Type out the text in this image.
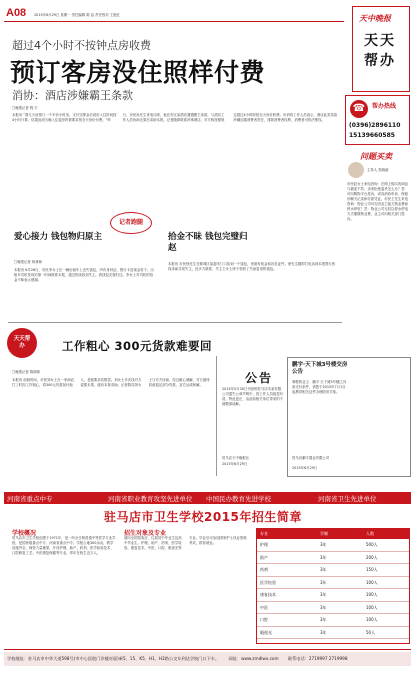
A08 2015年6月29日 星期一 责任编辑 陈 蕊 责任校对 王艳红	天中晚报
天天帮办
超过4个小时不按钟点房收费
预订客房没住照样付费
消协：酒店涉嫌霸王条款
□晚报记者 程 宇
本报讯 “我几天前预订一个平价小时房，支付完押金后说好入住时间按4小时计算，结果直到当晚入住退房时被要求按全天房价付费。”昨日，市民孙先生来电反映，他在市区某酒店遭遇霸王条款，与酒店工作人员协商无果后求助本报。记者随即联系涉事酒店，对方称按照规定超过4小时即按全天房价收费。市消协工作人员表示，酒店此类条款涉嫌加重消费者责任，排除消费者权利，消费者可依法维权。
☎	帮办热线
(0396)2896110
15139660585
问题买卖
主持人 张晓丽
市民赵女士来电咨询：在网上购买的商品与描述不符，卖家拒绝退货怎么办？答：可向购物平台投诉，或向消协申诉，保留好聊天记录和付款凭证。市民王先生来电咨询：物业公司可否因业主拖欠物业费而停水停电？答：物业公司无权以停水停电方式催缴物业费，业主可向相关部门投诉。
记者跑腿
爱心接力 钱包物归原主
□晚报记者 杨林林
本报讯 6月26日，市民李女士在一辆出租车上丢失钱包，内有身份证、银行卡及现金若干。出租车司机发现后第一时间联系本报，通过热线找到失主，将钱包完璧归还。李女士对司机的拾金不昧表示感谢。
拾金不昧 钱包完璧归赵
本报讯 市民徐先生在驿城区某超市门口捡到一个钱包，里面有现金和各类证件。徐先生随即打电话到本报帮办热线求助寻找失主，经多方联系，失主王女士终于领回了失而复得的钱包。
天天帮办	工作粗心 300元货款难要回
□晚报记者 陈刚林
本报讯 前段时间，市民刘女士在一家商店打工时因工作粗心，将300元货款误付他人，老板要求其赔偿。刘女士多次找对方索要未果，遂向本报求助。记者陪同刘女士与对方协商，经过耐心调解，对方最终同意退还部分货款，双方达成和解。	公告
2015年5月30日刊登的驻马店市某有限公司遗失公章声明中，因工作人员疏忽有误，特此更正，由此给相关单位带来的不便敬请谅解。
驻马店天中晚报社
2015年6月29日
鹏宇·天下城3号楼交房公告
尊敬的业主：鹏宇·天下城3号楼已具备交付条件，请您于2015年7月1日起携带相关证件办理收房手续。
驻马店鹏宇置业有限公司
2015年6月29日
河南省重点中专	河南省职业教育攻坚先进单位 中国民办教育先进学校	河南省卫生先进单位
驻马店市卫生学校2015年招生简章
学校概况
驻马店市卫生学校创建于1971年，是一所全日制普通中等医学专业学校，是国家级重点中专、河南省重点中专。学校占地300余亩，教学设施齐全，师资力量雄厚，开设护理、助产、药剂、医学检验技术、口腔修复工艺、中医康复保健等专业，常年在校生近万人。
招生对象及专业
面向全国招收应、往届初中毕业生及高中毕业生。护理、助产、药剂、医学检验、康复技术、中医、口腔、眼视光等专业。毕业后可参加国家护士执业资格考试，推荐就业。
专业	学制	人数
护理	3年	500人
助产	3年	200人
药剂	3年	150人
医学检验	3年	100人
康复技术	3年	100人
中医	3年	100人
口腔	3年	100人
眼视光	3年	50人
学校地址：驻马店市中华大道598号(市中心医院门诊楼对面)乘5、15、K5、H1、H2路公交车到达学校门口下车。 网址：www.zmdlwx.com 联系电话：2719997 2719998
